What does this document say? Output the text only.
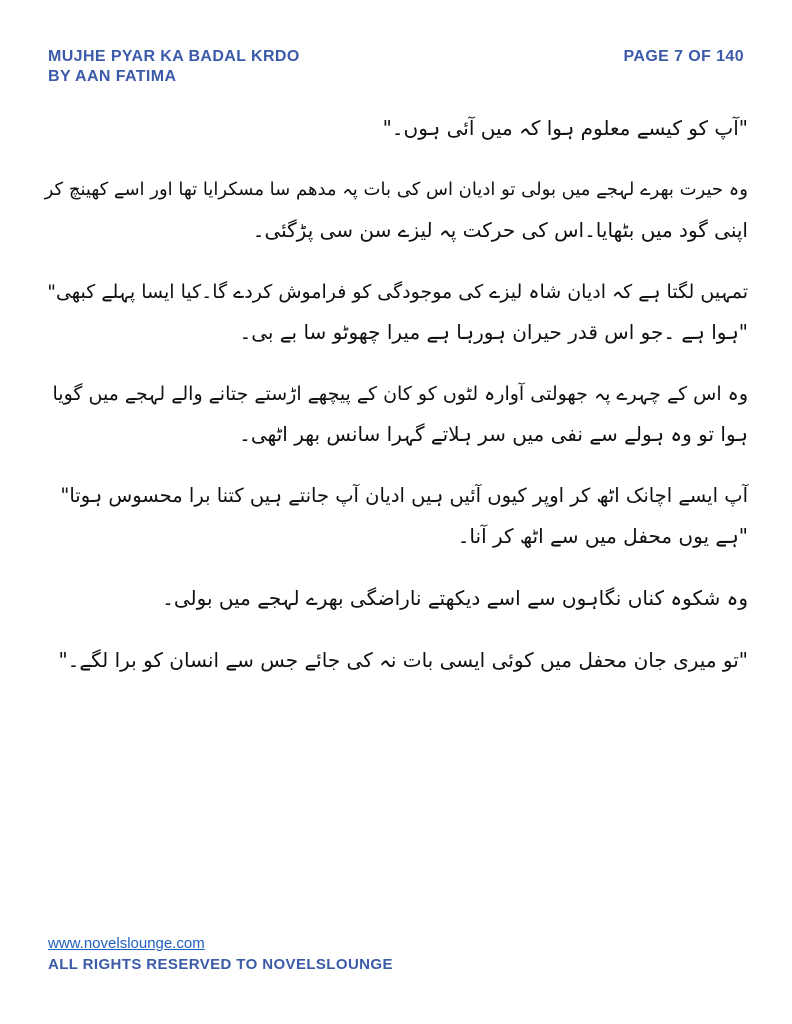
MUJHE PYAR KA BADAL KRDO
BY AAN FATIMA
PAGE 7 OF 140

"آپ کو کیسے معلوم ہوا کہ میں آئی ہوں۔"

وہ حیرت بھرے لہجے میں بولی تو ادیان اس کی بات پہ مدھم سا مسکرایا تھا اور اسے کھینچ کر

اپنی گود میں بٹھایا۔اس کی حرکت پہ لیزے سن سی پڑگئی۔

تمہیں لگتا ہے کہ ادیان شاہ لیزے کی موجودگی کو فراموش کردے گا۔کیا ایسا پہلے کبھی"

"ہوا ہے ۔جو اس قدر حیران ہورہا ہے میرا چھوٹو سا بے بی۔

وہ اس کے چہرے پہ جھولتی آوارہ لٹوں کو کان کے پیچھے اڑستے جتانے والے لہجے میں گویا

ہوا تو وہ ہولے سے نفی میں سر ہلاتے گہرا سانس بھر اٹھی۔

آپ ایسے اچانک اٹھ کر اوپر کیوں آئیں ہیں ادیان آپ جانتے ہیں کتنا برا محسوس ہوتا"

"ہے یوں محفل میں سے اٹھ کر آنا۔

وہ شکوہ کناں نگاہوں سے اسے دیکھتے ناراضگی بھرے لہجے میں بولی۔

"تو میری جان محفل میں کوئی ایسی بات نہ کی جائے جس سے انسان کو برا لگے۔"

www.novelslounge.com
ALL RIGHTS RESERVED TO NOVELSLOUNGE
